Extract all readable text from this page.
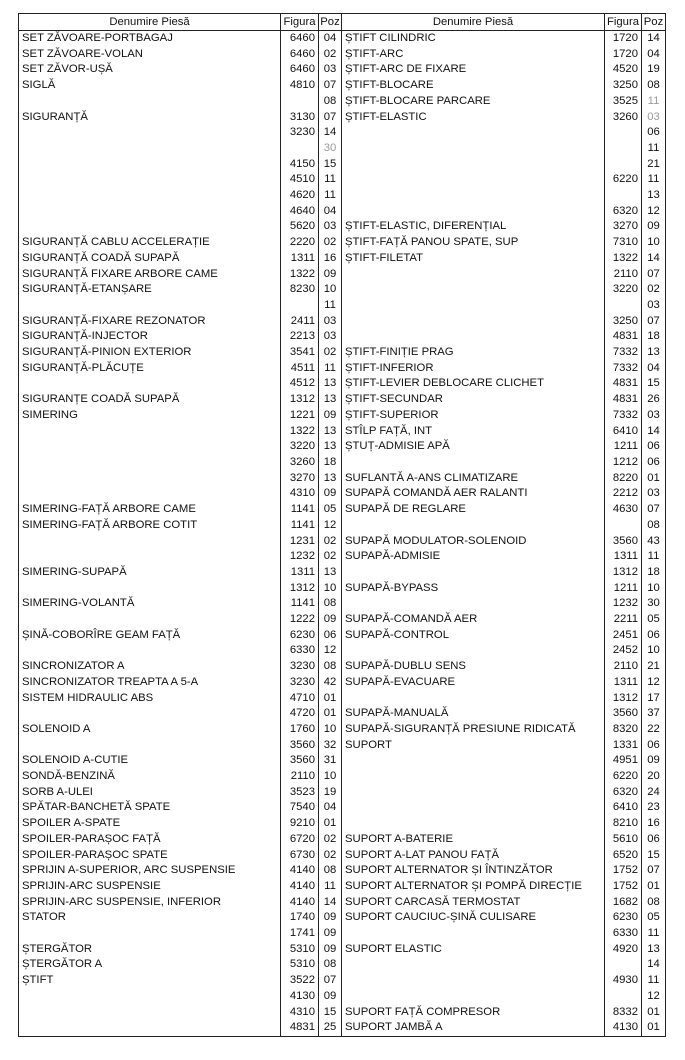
Denumire Piesă	Figura	Poz	Denumire Piesă	Figura	Poz
SET ZĂVOARE-PORTBAGAJ	6460	04	ȘTIFT CILINDRIC	1720	14
SET ZĂVOARE-VOLAN	6460	02	ȘTIFT-ARC	1720	04
SET ZĂVOR-UȘĂ	6460	03	ȘTIFT-ARC DE FIXARE	4520	19
SIGLĂ	4810	07	ȘTIFT-BLOCARE	3250	08
		08	ȘTIFT-BLOCARE PARCARE	3525	11
SIGURANȚĂ	3130	07	ȘTIFT-ELASTIC	3260	03
	3230	14			06
		30			11
	4150	15			21
	4510	11		6220	11
	4620	11			13
	4640	04		6320	12
	5620	03	ȘTIFT-ELASTIC, DIFERENȚIAL	3270	09
SIGURANȚĂ CABLU ACCELERAȚIE	2220	02	ȘTIFT-FAȚĂ PANOU SPATE, SUP	7310	10
SIGURANȚĂ COADĂ SUPAPĂ	1311	16	ȘTIFT-FILETAT	1322	14
SIGURANȚĂ FIXARE ARBORE CAME	1322	09		2110	07
SIGURANȚĂ-ETANȘARE	8230	10		3220	02
		11			03
SIGURANȚĂ-FIXARE REZONATOR	2411	03		3250	07
SIGURANȚĂ-INJECTOR	2213	03		4831	18
SIGURANȚĂ-PINION EXTERIOR	3541	02	ȘTIFT-FINIȚIE PRAG	7332	13
SIGURANȚĂ-PLĂCUȚE	4511	11	ȘTIFT-INFERIOR	7332	04
	4512	13	ȘTIFT-LEVIER DEBLOCARE CLICHET	4831	15
SIGURANȚE COADĂ SUPAPĂ	1312	13	ȘTIFT-SECUNDAR	4831	26
SIMERING	1221	09	ȘTIFT-SUPERIOR	7332	03
	1322	13	STÎLP FAȚĂ, INT	6410	14
	3220	13	ȘTUȚ-ADMISIE APĂ	1211	06
	3260	18		1212	06
	3270	13	SUFLANTĂ A-ANS CLIMATIZARE	8220	01
	4310	09	SUPAPĂ COMANDĂ AER RALANTI	2212	03
SIMERING-FAȚĂ ARBORE CAME	1141	05	SUPAPĂ DE REGLARE	4630	07
SIMERING-FAȚĂ ARBORE COTIT	1141	12			08
	1231	02	SUPAPĂ MODULATOR-SOLENOID	3560	43
	1232	02	SUPAPĂ-ADMISIE	1311	11
SIMERING-SUPAPĂ	1311	13		1312	18
	1312	10	SUPAPĂ-BYPASS	1211	10
SIMERING-VOLANTĂ	1141	08		1232	30
	1222	09	SUPAPĂ-COMANDĂ AER	2211	05
ȘINĂ-COBORÎRE GEAM FAȚĂ	6230	06	SUPAPĂ-CONTROL	2451	06
	6330	12		2452	10
SINCRONIZATOR A	3230	08	SUPAPĂ-DUBLU SENS	2110	21
SINCRONIZATOR TREAPTA A 5-A	3230	42	SUPAPĂ-EVACUARE	1311	12
SISTEM HIDRAULIC ABS	4710	01		1312	17
	4720	01	SUPAPĂ-MANUALĂ	3560	37
SOLENOID A	1760	10	SUPAPĂ-SIGURANȚĂ PRESIUNE RIDICATĂ	8320	22
	3560	32	SUPORT	1331	06
SOLENOID A-CUTIE	3560	31		4951	09
SONDĂ-BENZINĂ	2110	10		6220	20
SORB A-ULEI	3523	19		6320	24
SPĂTAR-BANCHETĂ SPATE	7540	04		6410	23
SPOILER A-SPATE	9210	01		8210	16
SPOILER-PARAȘOC FAȚĂ	6720	02	SUPORT A-BATERIE	5610	06
SPOILER-PARAȘOC SPATE	6730	02	SUPORT A-LAT PANOU FAȚĂ	6520	15
SPRIJIN A-SUPERIOR, ARC SUSPENSIE	4140	08	SUPORT ALTERNATOR ȘI ÎNTINZĂTOR	1752	07
SPRIJIN-ARC SUSPENSIE	4140	11	SUPORT ALTERNATOR ȘI POMPĂ DIRECȚIE	1752	01
SPRIJIN-ARC SUSPENSIE, INFERIOR	4140	14	SUPORT CARCASĂ TERMOSTAT	1682	08
STATOR	1740	09	SUPORT CAUCIUC-ȘINĂ CULISARE	6230	05
	1741	09		6330	11
ȘTERGĂTOR	5310	09	SUPORT ELASTIC	4920	13
ȘTERGĂTOR A	5310	08			14
ȘTIFT	3522	07		4930	11
	4130	09			12
	4310	15	SUPORT FAȚĂ COMPRESOR	8332	01
	4831	25	SUPORT JAMBĂ A	4130	01
